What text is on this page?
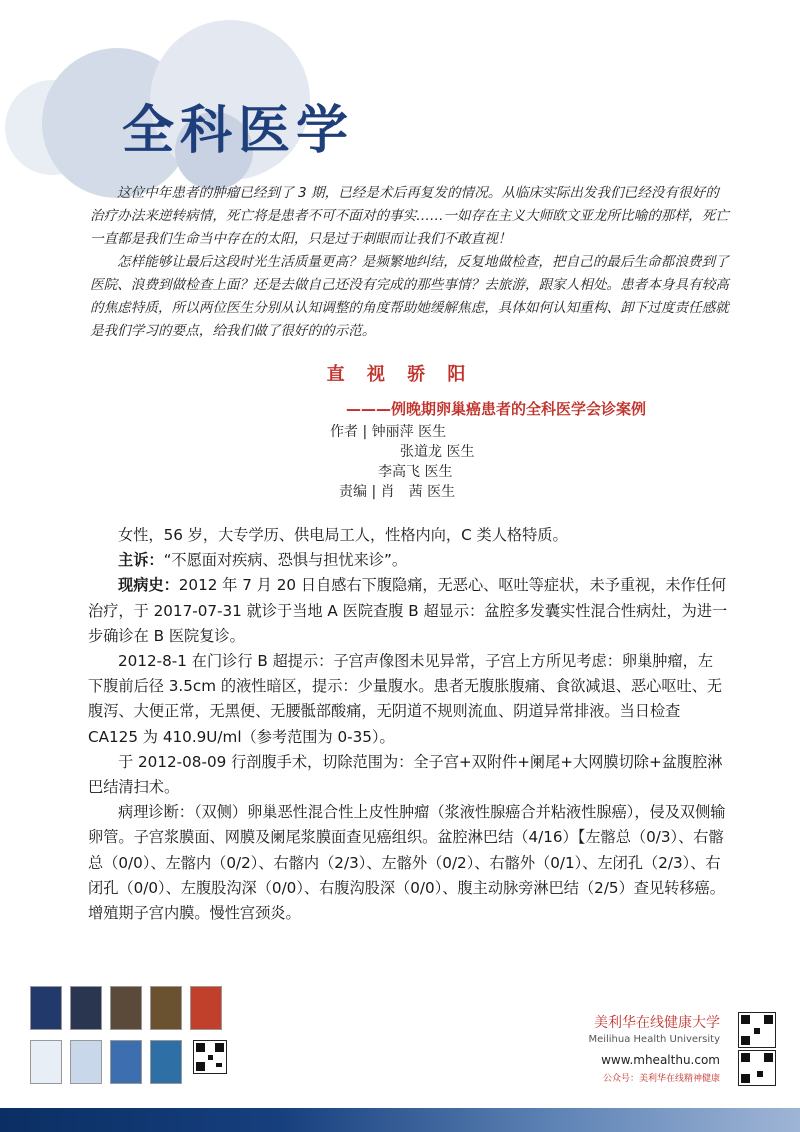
全科医学

这位中年患者的肿瘤已经到了 3 期，已经是术后再复发的情况。从临床实际出发我们已经没有很好的治疗办法来逆转病情，死亡将是患者不可不面对的事实……一如存在主义大师欧文亚龙所比喻的那样，死亡一直都是我们生命当中存在的太阳，只是过于刺眼而让我们不敢直视！

怎样能够让最后这段时光生活质量更高？是频繁地纠结，反复地做检查，把自己的最后生命都浪费到了医院、浪费到做检查上面？还是去做自己还没有完成的那些事情？去旅游，跟家人相处。患者本身具有较高的焦虑特质，所以两位医生分别从认知调整的角度帮助她缓解焦虑，具体如何认知重构、卸下过度责任感就是我们学习的要点，给我们做了很好的的示范。

直 视 骄 阳
———例晚期卵巢癌患者的全科医学会诊案例
作者 | 钟丽萍 医生
张道龙 医生
李高飞 医生
责编 | 肖　茜 医生

女性，56 岁，大专学历、供电局工人，性格内向，C 类人格特质。

主诉：“不愿面对疾病、恐惧与担忧来诊”。

现病史：2012 年 7 月 20 日自感右下腹隐痛，无恶心、呕吐等症状，未予重视，未作任何治疗，于 2017-07-31 就诊于当地 A 医院查腹 B 超显示：盆腔多发囊实性混合性病灶，为进一步确诊在 B 医院复诊。

2012-8-1 在门诊行 B 超提示：子宫声像图未见异常，子宫上方所见考虑：卵巢肿瘤，左下腹前后径 3.5cm 的液性暗区，提示：少量腹水。患者无腹胀腹痛、食欲减退、恶心呕吐、无腹泻、大便正常，无黑便、无腰骶部酸痛，无阴道不规则流血、阴道异常排液。当日检查 CA125 为 410.9U/ml（参考范围为 0-35）。

于 2012-08-09 行剖腹手术，切除范围为：全子宫+双附件+阑尾+大网膜切除+盆腹腔淋巴结清扫术。

病理诊断：（双侧）卵巢恶性混合性上皮性肿瘤（浆液性腺癌合并粘液性腺癌），侵及双侧输卵管。子宫浆膜面、网膜及阑尾浆膜面查见癌组织。盆腔淋巴结（4/16）【左髂总（0/3）、右髂总（0/0）、左髂内（0/2）、右髂内（2/3）、左髂外（0/2）、右髂外（0/1）、左闭孔（2/3）、右闭孔（0/0）、左腹股沟深（0/0）、右腹沟股深（0/0）、腹主动脉旁淋巴结（2/5）查见转移癌。增殖期子宫内膜。慢性宫颈炎。

美利华在线健康大学
Meilihua Health University
www.mhealthu.com
公众号：美利华在线精神健康
